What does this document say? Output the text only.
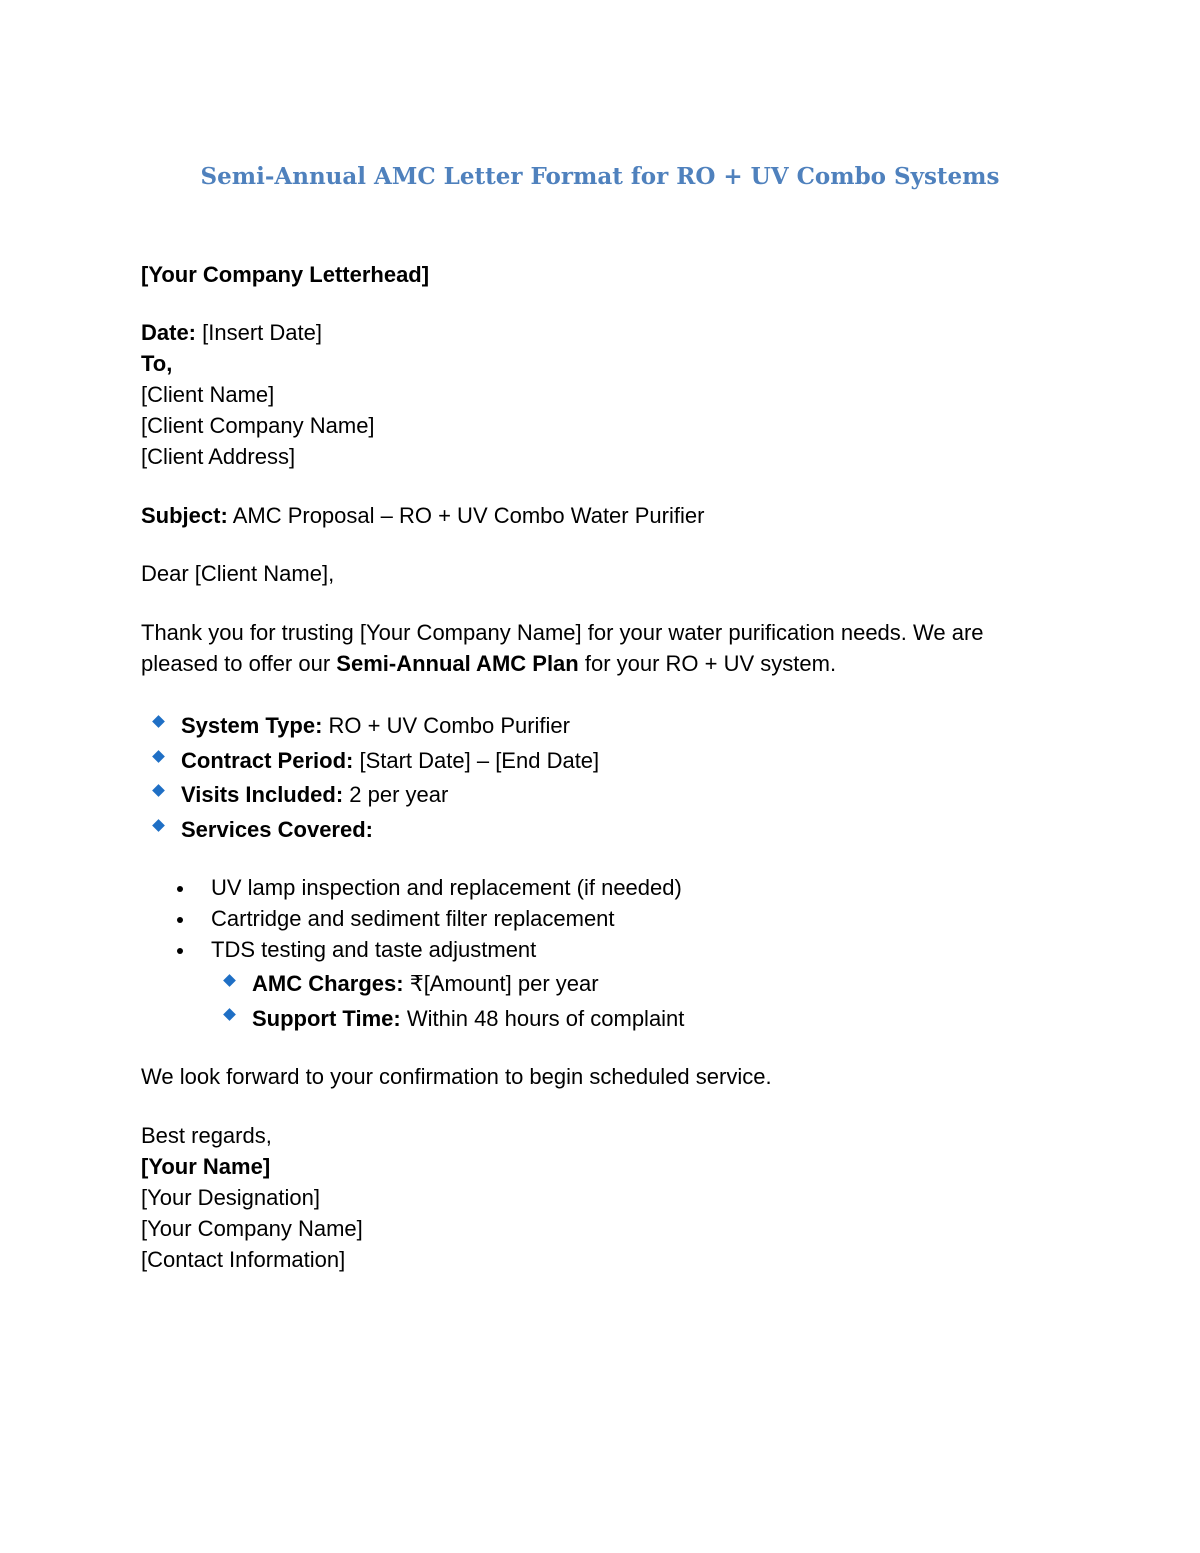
Semi-Annual AMC Letter Format for RO + UV Combo Systems
[Your Company Letterhead]
Date: [Insert Date]
To,
[Client Name]
[Client Company Name]
[Client Address]
Subject: AMC Proposal – RO + UV Combo Water Purifier
Dear [Client Name],
Thank you for trusting [Your Company Name] for your water purification needs. We are
pleased to offer our Semi-Annual AMC Plan for your RO + UV system.
System Type: RO + UV Combo Purifier
Contract Period: [Start Date] – [End Date]
Visits Included: 2 per year
Services Covered:
UV lamp inspection and replacement (if needed)
Cartridge and sediment filter replacement
TDS testing and taste adjustment
AMC Charges: ₹[Amount] per year
Support Time: Within 48 hours of complaint
We look forward to your confirmation to begin scheduled service.
Best regards,
[Your Name]
[Your Designation]
[Your Company Name]
[Contact Information]
